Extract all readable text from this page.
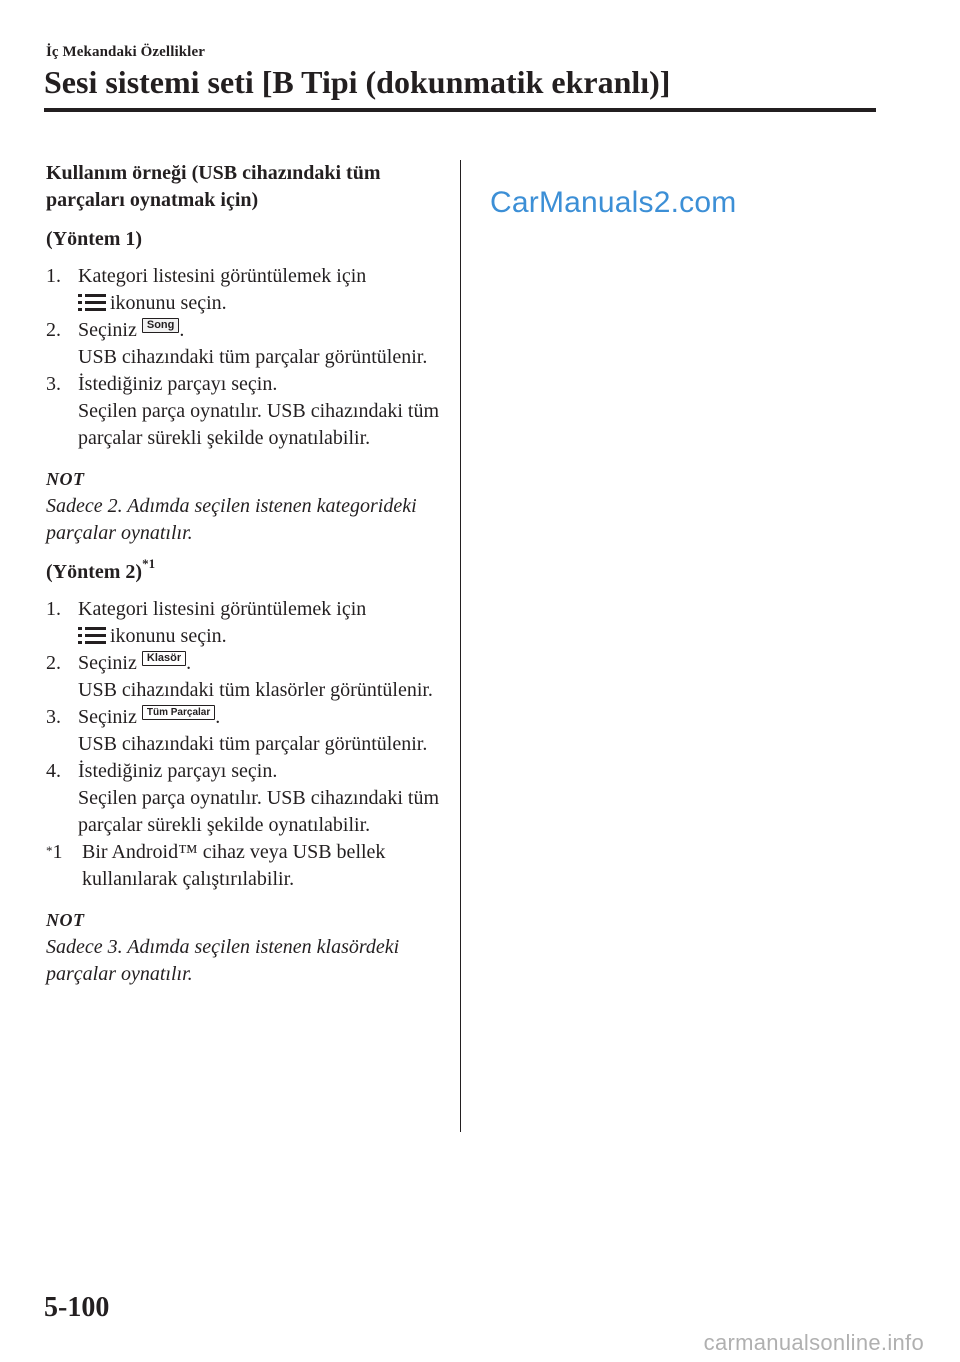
İç Mekandaki Özellikler
Sesi sistemi seti [B Tipi (dokunmatik ekranlı)]

Kullanım örneği (USB cihazındaki tüm parçaları oynatmak için)

(Yöntem 1)

1. Kategori listesini görüntülemek için

ikonunu seçin.
2. Seçiniz Song .
USB cihazındaki tüm parçalar görüntülenir.
3. İstediğiniz parçayı seçin.
Seçilen parça oynatılır. USB cihazındaki tüm parçalar sürekli şekilde oynatılabilir.

NOT

Sadece 2. Adımda seçilen istenen kategorideki parçalar oynatılır.

(Yöntem 2)$^{*1}$

1. Kategori listesini görüntülemek için

ikonunu seçin.
2. Seçiniz Klasör .
USB cihazındaki tüm klasörler görüntülenir.
3. Seçiniz Tüm Parçalar .
USB cihazındaki tüm parçalar görüntülenir.
4. İstediğiniz parçayı seçin.
Seçilen parça oynatılır. USB cihazındaki tüm parçalar sürekli şekilde oynatılabilir.
*1 Bir Android™ cihaz veya USB bellek kullanılarak çalıştırılabilir.

NOT

Sadece 3. Adımda seçilen istenen klasördeki parçalar oynatılır.

CarManuals2.com
5-100
carmanualsonline.info
